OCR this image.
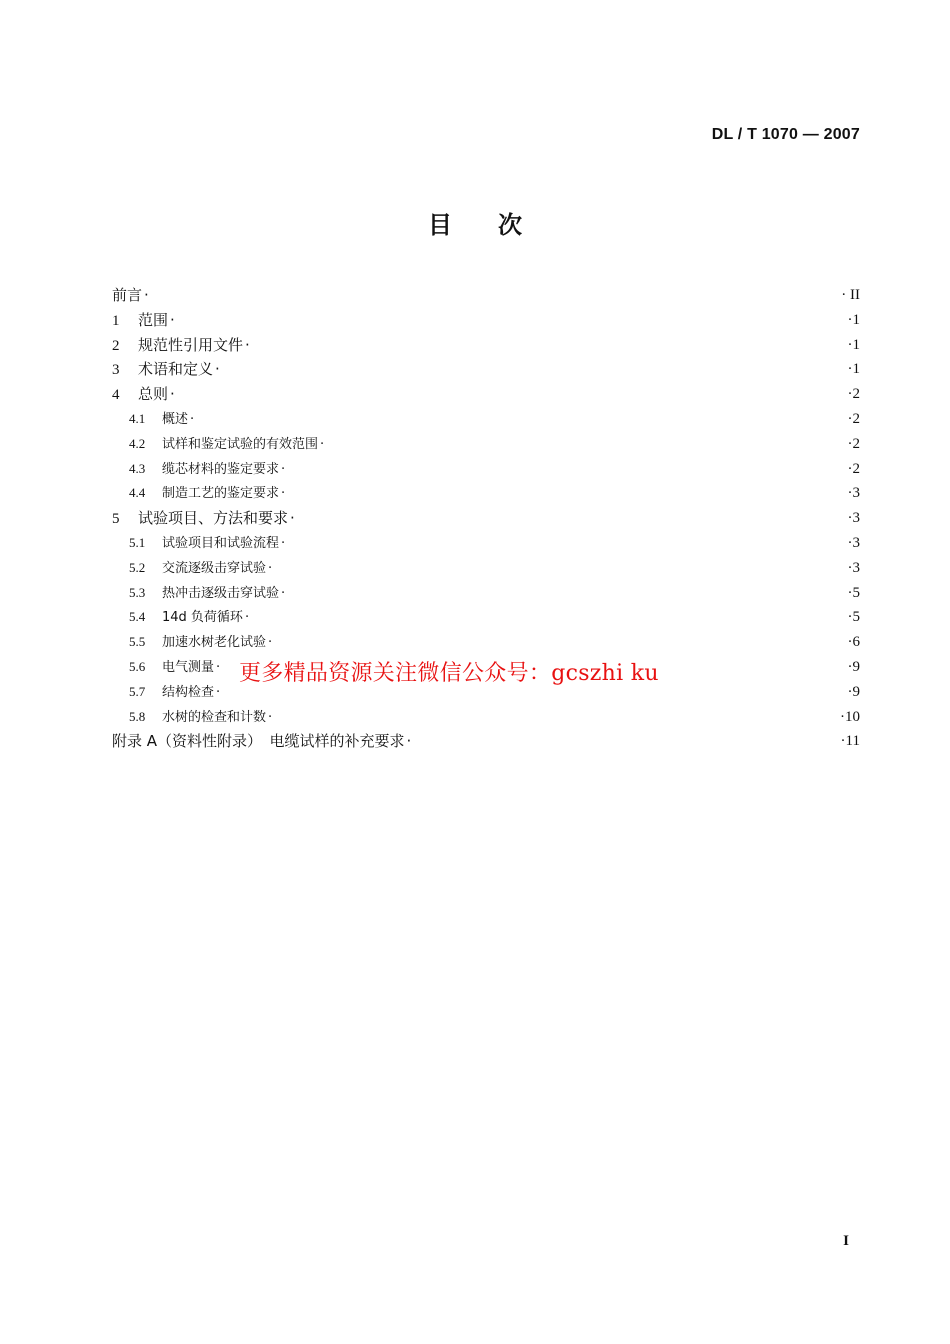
DL / T 1070 — 2007
目 次
前言 ·	· II
1 范围 ·	·1
2 规范性引用文件 ·	·1
3 术语和定义 ·	·1
4 总则 ·	·2
4.1 概述 ·	·2
4.2 试样和鉴定试验的有效范围 ·	·2
4.3 缆芯材料的鉴定要求 ·	·2
4.4 制造工艺的鉴定要求 ·	·3
5 试验项目、方法和要求 ·	·3
5.1 试验项目和试验流程 ·	·3
5.2 交流逐级击穿试验 ·	·3
5.3 热冲击逐级击穿试验 ·	·5
5.4 14d 负荷循环 ·	·5
5.5 加速水树老化试验 ·	·6
5.6 电气测量 ·	·9
5.7 结构检查 ·	·9
5.8 水树的检查和计数 ·	·10
附录 A（资料性附录）　电缆试样的补充要求 ·	·11
更多精品资源关注微信公众号：gcszhi ku
I
